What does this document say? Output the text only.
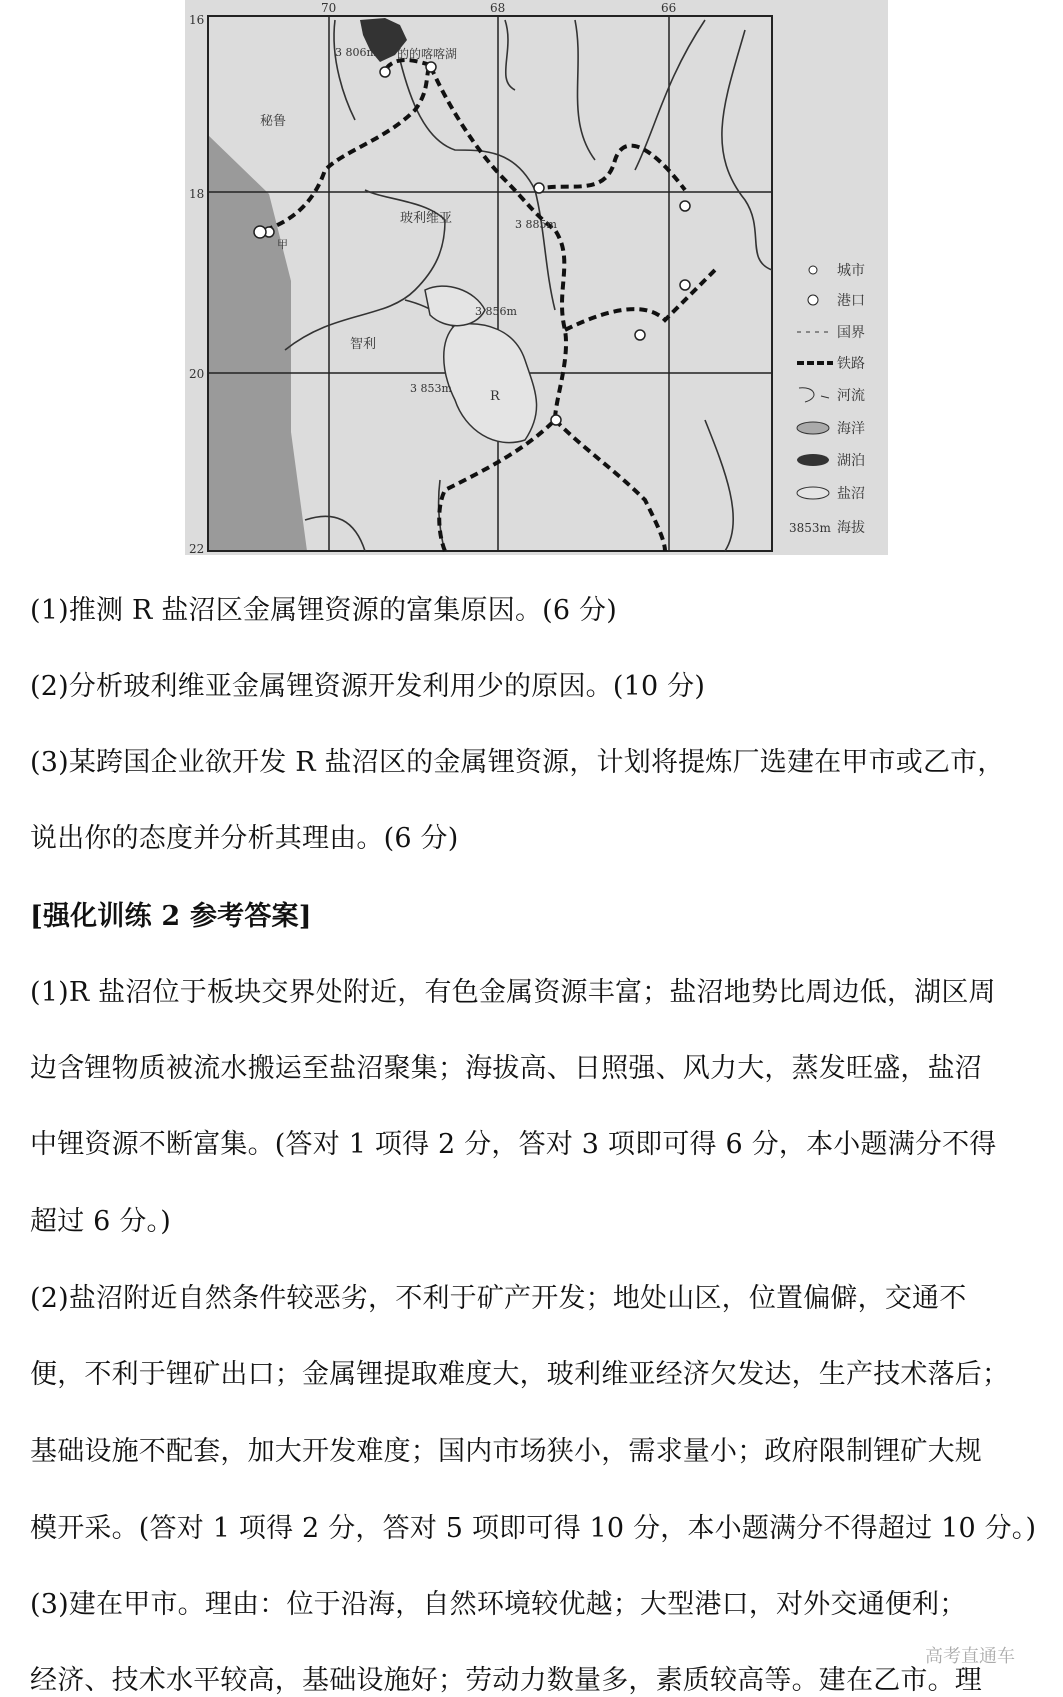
70	68	66
16
18
20
22
秘鲁
玻利维亚
智利
的的喀喀湖
甲
R
3 806m
3 885m
3 856m
3 853m
城市
港口
国界
铁路
河流
海洋
湖泊
盐沼
3853m 海拔
(1)推测 R 盐沼区金属锂资源的富集原因。(6 分)
(2)分析玻利维亚金属锂资源开发利用少的原因。(10 分)
(3)某跨国企业欲开发 R 盐沼区的金属锂资源，计划将提炼厂选建在甲市或乙市，
说出你的态度并分析其理由。(6 分)
[强化训练 2 参考答案]
(1)R 盐沼位于板块交界处附近，有色金属资源丰富；盐沼地势比周边低，湖区周
边含锂物质被流水搬运至盐沼聚集；海拔高、日照强、风力大，蒸发旺盛，盐沼
中锂资源不断富集。(答对 1 项得 2 分，答对 3 项即可得 6 分，本小题满分不得
超过 6 分。)
(2)盐沼附近自然条件较恶劣，不利于矿产开发；地处山区，位置偏僻，交通不
便，不利于锂矿出口；金属锂提取难度大，玻利维亚经济欠发达，生产技术落后；
基础设施不配套，加大开发难度；国内市场狭小，需求量小；政府限制锂矿大规
模开采。(答对 1 项得 2 分，答对 5 项即可得 10 分，本小题满分不得超过 10 分。)
(3)建在甲市。理由：位于沿海，自然环境较优越；大型港口，对外交通便利；
经济、技术水平较高，基础设施好；劳动力数量多，素质较高等。建在乙市。理
高考直通车
